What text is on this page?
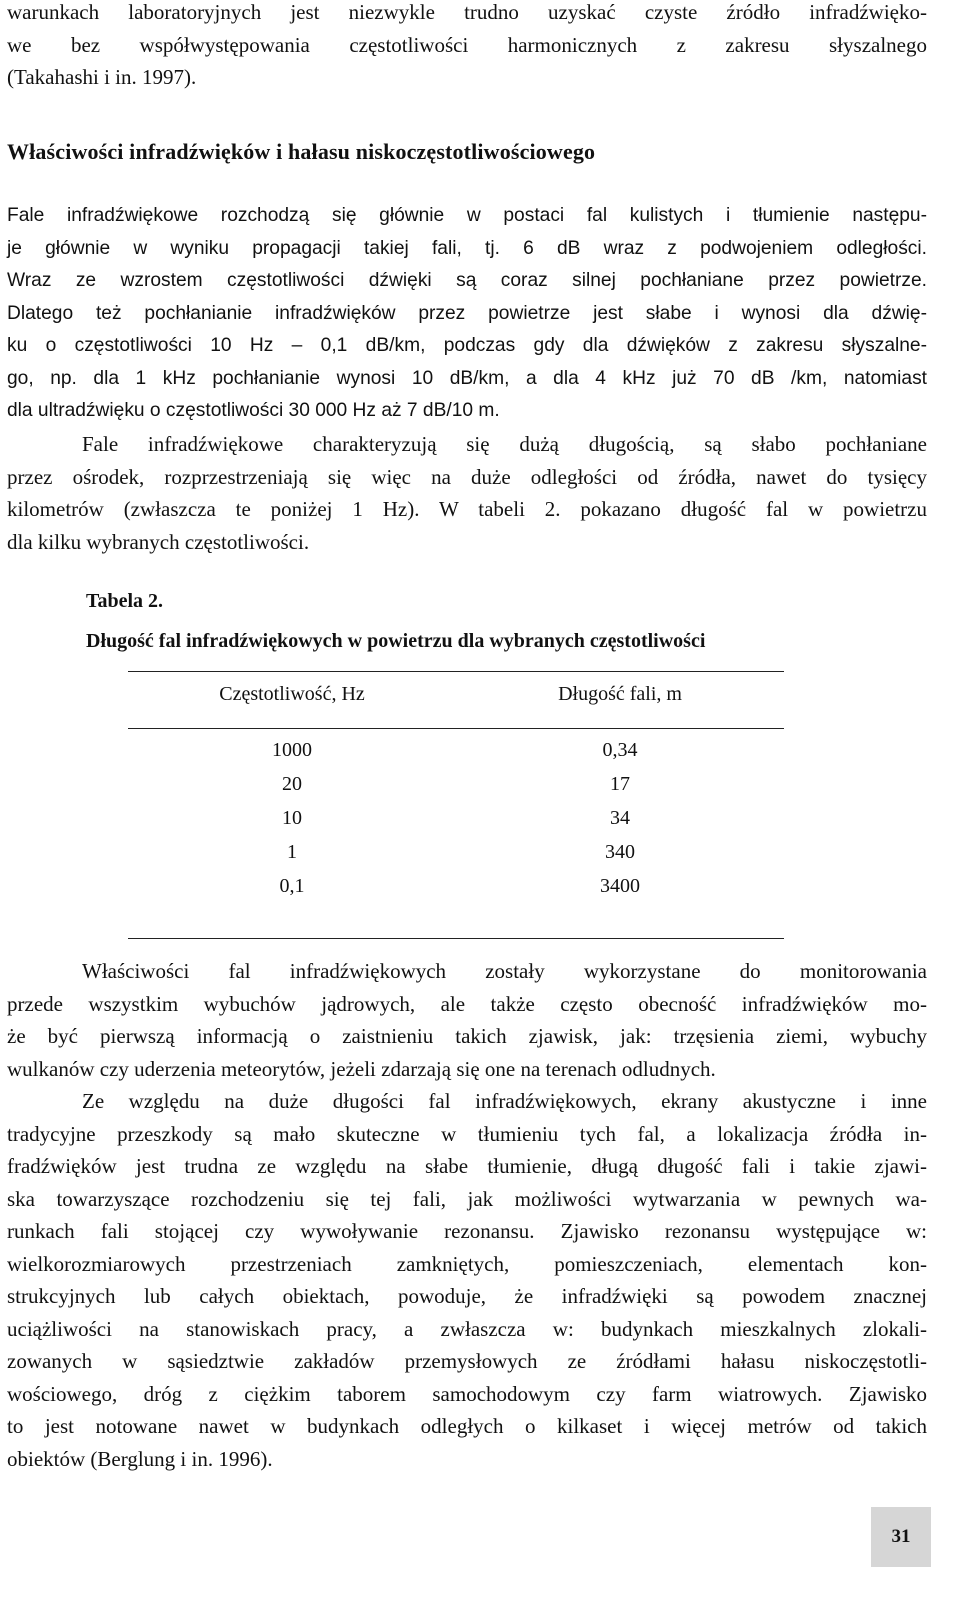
warunkach laboratoryjnych jest niezwykle trudno uzyskać czyste źródło infradźwięko-
we bez współwystępowania częstotliwości harmonicznych z zakresu słyszalnego
(Takahashi i in. 1997).
Właściwości infradźwięków i hałasu niskoczęstotliwościowego
Fale infradźwiękowe rozchodzą się głównie w postaci fal kulistych i tłumienie następu-
je głównie w wyniku propagacji takiej fali, tj. 6 dB wraz z podwojeniem odległości.
Wraz ze wzrostem częstotliwości dźwięki są coraz silnej pochłaniane przez powietrze.
Dlatego też pochłanianie infradźwięków przez powietrze jest słabe i wynosi dla dźwię-
ku o częstotliwości 10 Hz – 0,1 dB/km, podczas gdy dla dźwięków z zakresu słyszalne-
go, np. dla 1 kHz pochłanianie wynosi 10 dB/km, a dla 4 kHz już 70 dB /km, natomiast
dla ultradźwięku o częstotliwości 30 000 Hz aż 7 dB/10 m.
Fale infradźwiękowe charakteryzują się dużą długością, są słabo pochłaniane
przez ośrodek, rozprzestrzeniają się więc na duże odległości od źródła, nawet do tysięcy
kilometrów (zwłaszcza te poniżej 1 Hz). W tabeli 2. pokazano długość fal w powietrzu
dla kilku wybranych częstotliwości.
Tabela 2.
Długość fal infradźwiękowych w powietrzu dla wybranych częstotliwości
Częstotliwość, Hz	Długość fali, m
1000
20
10
1
0,1
0,34
17
34
340
3400
Właściwości fal infradźwiękowych zostały wykorzystane do monitorowania
przede wszystkim wybuchów jądrowych, ale także często obecność infradźwięków mo-
że być pierwszą informacją o zaistnieniu takich zjawisk, jak: trzęsienia ziemi, wybuchy
wulkanów czy uderzenia meteorytów, jeżeli zdarzają się one na terenach odludnych.
Ze względu na duże długości fal infradźwiękowych, ekrany akustyczne i inne
tradycyjne przeszkody są mało skuteczne w tłumieniu tych fal, a lokalizacja źródła in-
fradźwięków jest trudna ze względu na słabe tłumienie, długą długość fali i takie zjawi-
ska towarzyszące rozchodzeniu się tej fali, jak możliwości wytwarzania w pewnych wa-
runkach fali stojącej czy wywoływanie rezonansu. Zjawisko rezonansu występujące w:
wielkorozmiarowych przestrzeniach zamkniętych, pomieszczeniach, elementach kon-
strukcyjnych lub całych obiektach, powoduje, że infradźwięki są powodem znacznej
uciążliwości na stanowiskach pracy, a zwłaszcza w: budynkach mieszkalnych zlokali-
zowanych w sąsiedztwie zakładów przemysłowych ze źródłami hałasu niskoczęstotli-
wościowego, dróg z ciężkim taborem samochodowym czy farm wiatrowych. Zjawisko
to jest notowane nawet w budynkach odległych o kilkaset i więcej metrów od takich
obiektów (Berglung i in. 1996).
31
